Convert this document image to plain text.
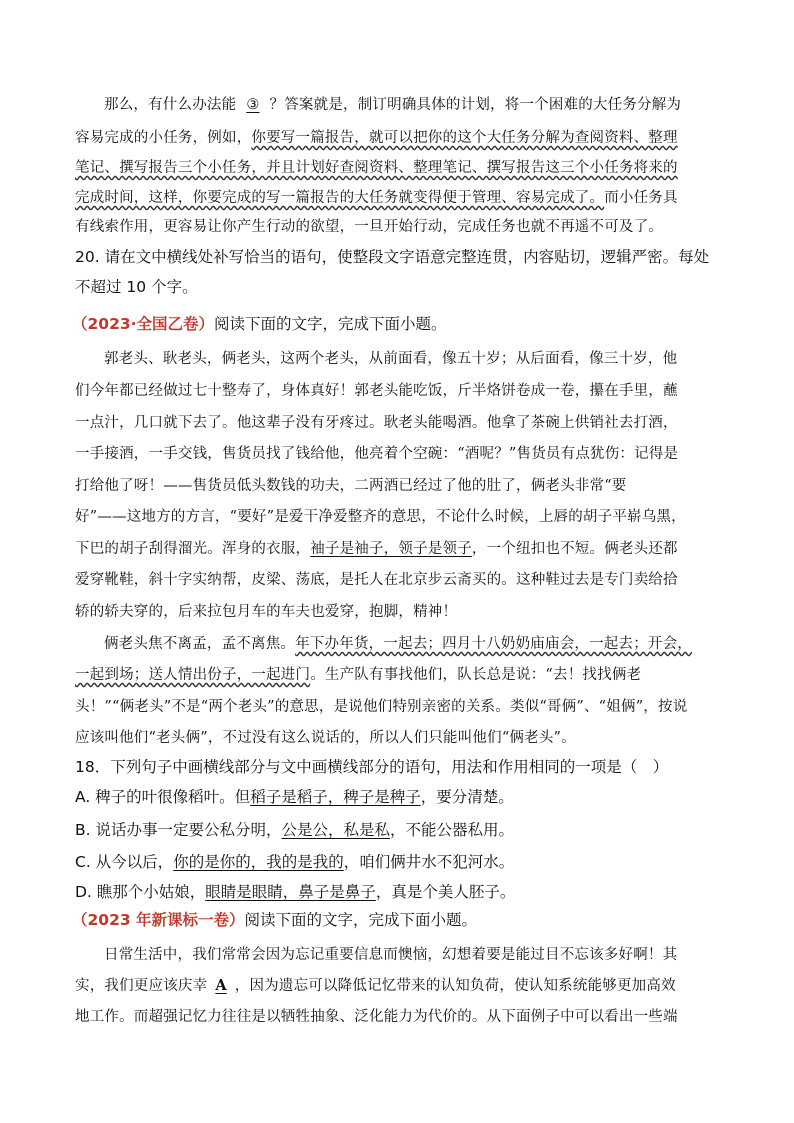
那么，有什么办法能 ③ ？答案就是，制订明确具体的计划，将一个困难的大任务分解为
容易完成的小任务，例如，你要写一篇报告，就可以把你的这个大任务分解为查阅资料、整理
笔记、撰写报告三个小任务，并且计划好查阅资料、整理笔记、撰写报告这三个小任务将来的
完成时间，这样，你要完成的写一篇报告的大任务就变得便于管理、容易完成了。而小任务具
有线索作用，更容易让你产生行动的欲望，一旦开始行动，完成任务也就不再遥不可及了。
20. 请在文中横线处补写恰当的语句，使整段文字语意完整连贯，内容贴切，逻辑严密。每处
不超过 10 个字。
（2023·全国乙卷）阅读下面的文字，完成下面小题。
郭老头、耿老头，俩老头，这两个老头，从前面看，像五十岁；从后面看，像三十岁，他
们今年都已经做过七十整寿了，身体真好！郭老头能吃饭，斤半烙饼卷成一卷，攥在手里，蘸
一点汁，几口就下去了。他这辈子没有牙疼过。耿老头能喝酒。他拿了茶碗上供销社去打酒，
一手接酒，一手交钱，售货员找了钱给他，他亮着个空碗：“酒呢？”售货员有点犹伤：记得是
打给他了呀！——售货员低头数钱的功夫，二两酒已经过了他的肚了，俩老头非常“要
好”——这地方的方言，“要好”是爱干净爱整齐的意思，不论什么时候，上唇的胡子平崭乌黑，
下巴的胡子刮得溜光。浑身的衣服，袖子是袖子，领子是领子，一个纽扣也不短。俩老头还都
爱穿靴鞋，斜十字实纳帮，皮梁、荡底，是托人在北京步云斋买的。这种鞋过去是专门卖给拾
轿的轿夫穿的，后来拉包月车的车夫也爱穿，抱脚，精神！
俩老头焦不离孟，孟不离焦。年下办年货，一起去；四月十八奶奶庙庙会，一起去；开会，
一起到场；送人情出份子，一起进门。生产队有事找他们，队长总是说：“去！找找俩老
头！”“俩老头”不是“两个老头”的意思，是说他们特别亲密的关系。类似“哥俩”、“姐俩”，按说
应该叫他们“老头俩”，不过没有这么说话的，所以人们只能叫他们“俩老头”。
18．下列句子中画横线部分与文中画横线部分的语句，用法和作用相同的一项是（　）
A. 稗子的叶很像稻叶。但稻子是稻子，稗子是稗子，要分清楚。
B. 说话办事一定要公私分明，公是公，私是私，不能公器私用。
C. 从今以后，你的是你的，我的是我的，咱们俩井水不犯河水。
D. 瞧那个小姑娘，眼睛是眼睛，鼻子是鼻子，真是个美人胚子。
（2023 年新课标一卷）阅读下面的文字，完成下面小题。
日常生活中，我们常常会因为忘记重要信息而懊恼，幻想着要是能过目不忘该多好啊！其
实，我们更应该庆幸 A ，因为遗忘可以降低记忆带来的认知负荷，使认知系统能够更加高效
地工作。而超强记忆力往往是以牺牲抽象、泛化能力为代价的。从下面例子中可以看出一些端
